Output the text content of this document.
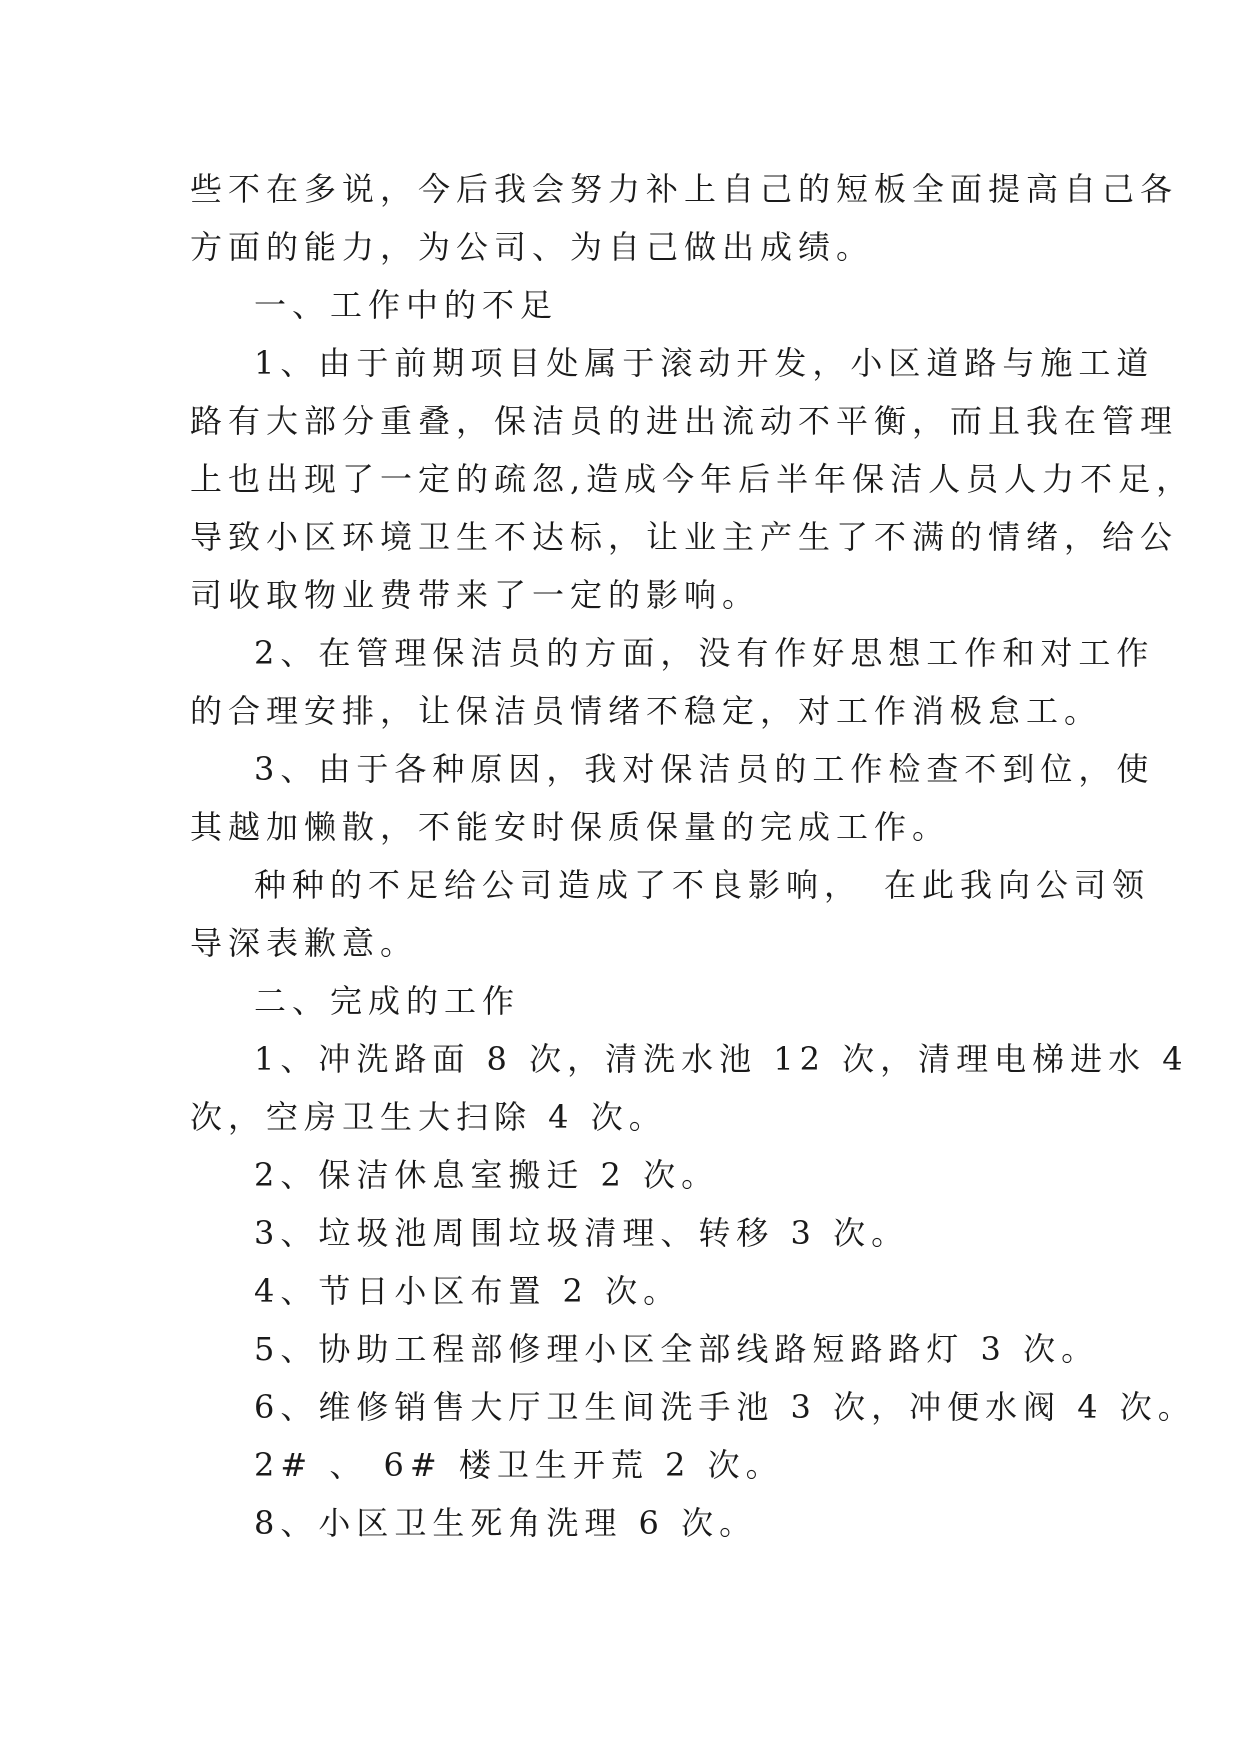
些不在多说，今后我会努力补上自己的短板全面提高自己各
方面的能力，为公司、为自己做出成绩。
一、工作中的不足
1、由于前期项目处属于滚动开发，小区道路与施工道
路有大部分重叠，保洁员的进出流动不平衡，而且我在管理
上也出现了一定的疏忽,造成今年后半年保洁人员人力不足，
导致小区环境卫生不达标，让业主产生了不满的情绪，给公
司收取物业费带来了一定的影响。
2、在管理保洁员的方面，没有作好思想工作和对工作
的合理安排，让保洁员情绪不稳定，对工作消极怠工。
3、由于各种原因，我对保洁员的工作检查不到位，使
其越加懒散，不能安时保质保量的完成工作。
种种的不足给公司造成了不良影响，　在此我向公司领
导深表歉意。
二、完成的工作
1、冲洗路面 8 次，清洗水池 12 次，清理电梯进水 4
次，空房卫生大扫除 4 次。
2、保洁休息室搬迁 2 次。
3、垃圾池周围垃圾清理、转移 3 次。
4、节日小区布置 2 次。
5、协助工程部修理小区全部线路短路路灯 3 次。
6、维修销售大厅卫生间洗手池 3 次，冲便水阀 4 次。
2# 、 6# 楼卫生开荒 2 次。
8、小区卫生死角洗理 6 次。
